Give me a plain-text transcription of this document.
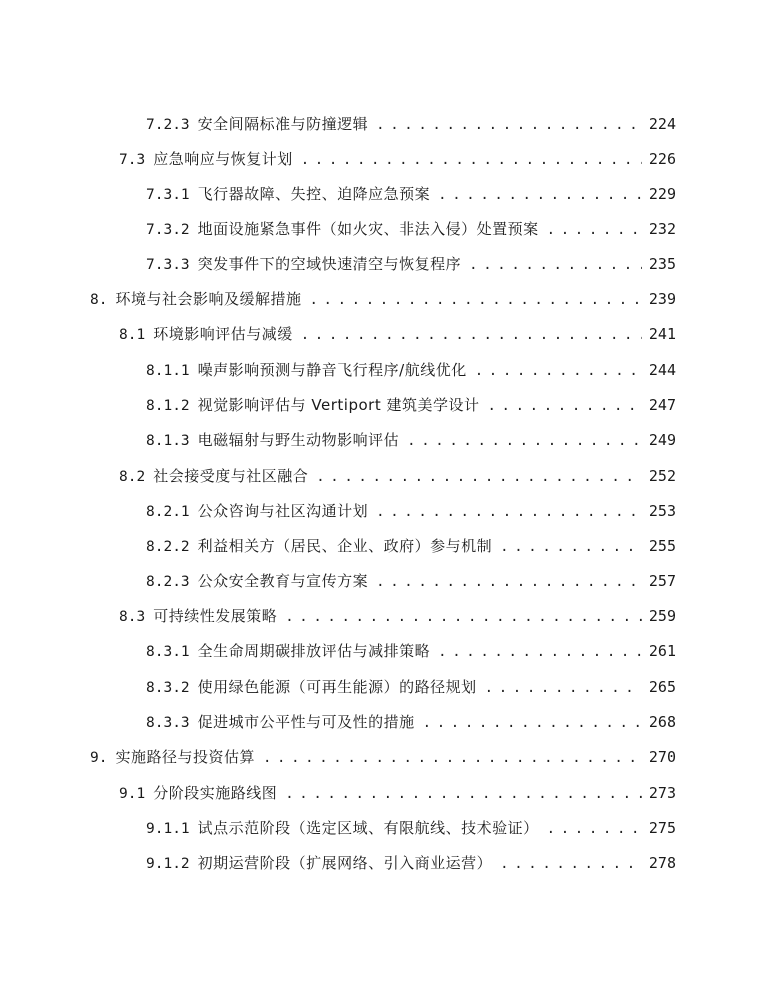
7.2.3 安全间隔标准与防撞逻辑 . . .	224
7.3 应急响应与恢复计划 . . .	226
7.3.1 飞行器故障、失控、迫降应急预案 . . .	229
7.3.2 地面设施紧急事件（如火灾、非法入侵）处置预案 . . .	232
7.3.3 突发事件下的空域快速清空与恢复程序 . . .	235
8. 环境与社会影响及缓解措施 . . .	239
8.1 环境影响评估与减缓 . . .	241
8.1.1 噪声影响预测与静音飞行程序/航线优化 . . .	244
8.1.2 视觉影响评估与 Vertiport 建筑美学设计 . . .	247
8.1.3 电磁辐射与野生动物影响评估 . . .	249
8.2 社会接受度与社区融合 . . .	252
8.2.1 公众咨询与社区沟通计划 . . .	253
8.2.2 利益相关方（居民、企业、政府）参与机制 . . .	255
8.2.3 公众安全教育与宣传方案 . . .	257
8.3 可持续性发展策略 . . .	259
8.3.1 全生命周期碳排放评估与减排策略 . . .	261
8.3.2 使用绿色能源（可再生能源）的路径规划 . . .	265
8.3.3 促进城市公平性与可及性的措施 . . .	268
9. 实施路径与投资估算 . . .	270
9.1 分阶段实施路线图 . . .	273
9.1.1 试点示范阶段（选定区域、有限航线、技术验证） . . .	275
9.1.2 初期运营阶段（扩展网络、引入商业运营） . . .	278
